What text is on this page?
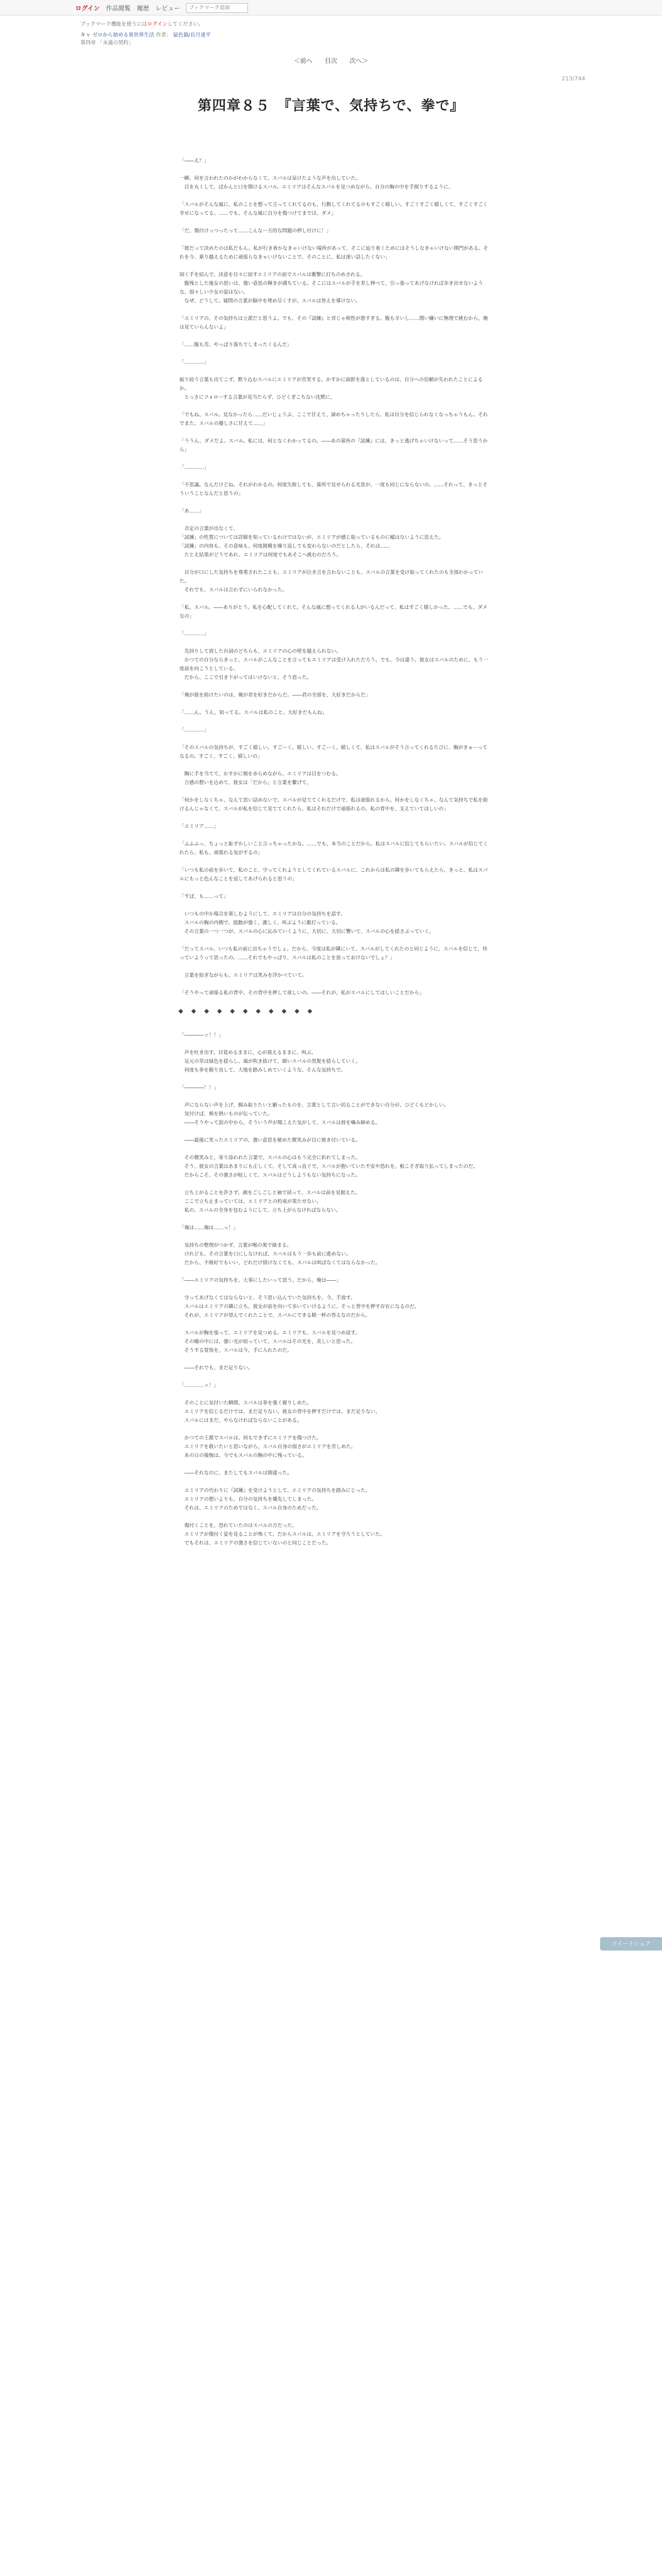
ログイン 作品閲覧 履歴 レビュー
ブックマーク追加
ブックマーク機能を使うにはログインしてください。
キャ ゼロから始める異世界生活 作者： 鼠色猫/長月達平
第四章 「永遠の契約」
＜前へ 目次 次へ＞
213/744
第四章８５　『言葉で、気持ちで、拳で』

「――え？」

一瞬、何を言われたのかがわからなくて、スバルは呆けたような声を出していた。
　目を丸くして、ぽかんと口を開けるスバル。エミリアはそんなスバルを見つめながら、自分の胸の中を手探りするように、

「スバルがそんな風に、私のことを想って言ってくれてるのも、行動してくれてるのもすごく嬉しい。すごくすごく嬉しくて、すごくすごく幸せになってる。……でも、そんな風に自分を傷つけてまでは、ダメ」

「だ、傷付けっつったって……こんなー方的な問題の押し付けに！」

「彼だって決めたのは私だもん。私が行き着かなきゃいけない場所があって、そこに辿り着くためにはそうしなきゃいけない関門がある。それを今、乗り越えるために頑張らなきゃいけないことで、そのことに、私は迷い詰したくない」

固く手を結んで、決意を目々に宿すエミリアの前でスバルは衝撃に打ちのめされる。
　腹残とした後女の思いは、強い意思の輝きが満ちている。そこにはスバルが手を差し伸べて、引っ張ってあげなければ歩き出せないような、弱々しい少女の姿はない。
　なぜ、どうして。疑問の言葉が脳中を埋め尽くすが、スバルは答えを導けない。

「エミリアの、その気持ちは立派だと思うよ。でも、その『試練』と君じゃ相性が悪すぎる。腹も辛いし……関い嫌いに無理で挑むから、俺は見ていらんないよ」

「……腹も苦。やっぱり落ちてしまったくるんだ」

「…………」

振り絞う言葉も出てこず、黙り込むスバルにエミリアが苦笑する。かすかに面影を落としているのは、自分への信頼が失われたことによるか。
　とっさにフォローする言葉が見当たらず、ひどくぎこちない沈黙に、

「でもね、スバル。見なかったら……だいじょうぶ、ここで甘えて、諦めちゃったりしたら、私は自分を信じられなくなっちゃうもん。それでまた、スバルの優しさに甘えて……」

「ううん、ダメだよ。スバル。私には、何となくわかってるの。――あの墓所の『試練』には、きっと逃げちゃいけないって……そう思うから」

「…………」

「不思議。なんだけどね、それがわかるの。何度失敗しても、墓所で見せられる光景が、一度も同じにならないの。……それって、きっとそういうことなんだと思うの」

「あ……」

　否定の言葉が出なくて、
「試練」の性質については詳細を知っているわけではないが、エミリアが感じ取っているものに嘘はないように思えた。
「試練」の内容も、その意味も、何度挑戦を繰り返しても変わらないのだとしたら、それは……
　たとえ結果がどうであれ、エミリアは何度でもあそこへ挑むのだろう。

　自分が口にした気持ちを尊重されたことも、エミリアが泣き言を言わないことも、スバルの言葉を受け取ってくれたのも全部わかっていた。
　それでも、スバルは言わずにいられなかった。

「私、スバル。――ありがとう。私を心配してくれて。そんな風に想ってくれる人がいるんだって、私はすごく嬉しかった。……でも、ダメなの」

「…………」

　先回りして放した台詞のどちらも、エミリアの心の壁を越えられない。
　かつての自分ならきっと、スバルがこんなことを言ってもエミリアは受け入れただろう。でも、今は違う。彼女はスバルのために、もう一度前を向こうとしている。
　だから、ここで引き下がってはいけないと、そう思った。

「俺が彼を助けたいのは、俺が君を好きだからだ。――君の全部を、大好きだからだ」

「……ん。うん、知ってる。スバルは私のこと、大好きだもんね」

「…………」

「そのスバルの気持ちが、すごく嬉しい。すごーく、嬉しい。すごーく、嬉しくて、私はスバルがそう言ってくれるたびに、胸がきゅーってなるの。すごく、すごく、嬉しいの」

　胸に手を当てて、かすかに頬を赤らめながら、エミリアは目をつむる。
　万感の想いを込めて、彼女は「だから」と言葉を繋げて、

「何かをしなくちゃ、なんて思い詰めないで、スバルが見ててくれるだけで、私は頑張れるから。何かをしなくちゃ、なんて気持ちで私を助けるんじゃなくて、スバルが私を信じて見ててくれたら、私はそれだけで頑張れるの。私の背中を、支えていてほしいの」

「エミリア……」

「ふふふっ、ちょっと恥ずかしいこと言っちゃったかな。……でも、本当のことだから。私はスバルに信じてもらいたい。スバルが信じてくれたら、私も、頑張れる気がするの」

「いつも私の前を歩いて、私のこと、守ってくれようとしてくれているスバルに、これからは私の隣を歩いてもらえたら、きっと、私はスバルにもっと色んなことを返してあげられると思うの」

「すば、も……って」

　いつもの中か場合を楽しむようにして、エミリアは自分の気持ちを話す。
　スバルの胸の内側で、鼓動が強く、激しく、叫ぶように脈打っている。
　その言葉の一つ一つが、スバルの心に沁みていくように、大切に、大切に響いて、スバルの心を揺さぶっていく。

「だってスバル、いつも私の前に出ちゃうでしょ。だから、今度は私が隣にいて、スバルがしてくれたのと同じように、スバルを信じて、待っていようって思ったの。……それでもやっぱり、スバルは私のことを放っておけないでしょ？」

　言葉を紡ぎながらも、エミリアは笑みを浮かべていて。

「そうやって頑張る私の背中、その背中を押して欲しいの。――それが、私がスバルにしてほしいことだから」

◆ ◆ ◆ ◆ ◆ ◆ ◆ ◆ ◆ ◆ ◆

「――――ッ！！」

　声を吐き出す。目覚めるままに、心が震えるままに、叫ぶ。
　足元の草は緑色を揺らし、風が吹き抜けて、細いスバルの黒髪を揺らしていく。
　何度も拳を握り直して、大地を踏みしめていくような、そんな気持ちで。

「――――！！」

　声にならない声を上げ、掴み取りたいと願ったものを、言葉として言い切ることができない自分が、ひどくもどかしい。
　気付けば、頬を熱いものが伝っていた。
　――そうやって涙の中から、そういう声が聞こえた気がして、スバルは唇を噛み締める。

　――最後に笑ったエミリアの、強い意思を秘めた微笑みが目に焼き付いている。

　その微笑みと、寄り添われた言葉で、スバルの心はもう完全に折れてしまった。
　そう、彼女の言葉はあまりにも正しくて、そして真っ直ぐで、スバルが抱いていた不安や恐れを、根こそぎ取り払ってしまったのだ。
　だからこそ、その強さが眩しくて、スバルはどうしようもない気持ちになった。

　立ち上がることを許さず、顔をごしごしと袖で拭って、スバルは前を見据えた。
　ここで立ち止まっていては、エミリアとの約束が果たせない。
　私の、スバルの全身を包むようにして、立ち上がらなければならない。

「俺は……俺は……っ！」

　気持ちの整理がつかず、言葉が喉の奥で絡まる。
　けれども、その言葉を口にしなければ、スバルはもう一歩も前に進めない。
　だから、不格好でもいい、どれだけ情けなくても、スバルは叫ばなくてはならなかった。

「――エミリアの気持ちを、大事にしたいって思う。だから、俺は――」

　守ってあげなくてはならないと、そう思い込んでいた気持ちを、今、手放す。
　スバルはエミリアの隣に立ち、彼女が前を向いて歩いていけるように、そっと背中を押す存在になるのだ。
　それが、エミリアが望んでくれたことで、スバルにできる精一杯の答えなのだから。

　スバルが胸を張って、エミリアを見つめる。エミリアも、スバルを見つめ返す。
　その瞳の中には、強い光が宿っていて、スバルはその光を、美しいと思った。
　そうする覚悟を、スバルは今、手に入れたのだ。

　――それでも、まだ足りない。

「…………ッ！」

　そのことに気付いた瞬間、スバルは拳を強く握りしめた。
　エミリアを信じるだけでは、まだ足りない。彼女の背中を押すだけでは、まだ足りない。
　スバルにはまだ、やらなければならないことがある。

　かつての王都でスバルは、何もできずにエミリアを傷つけた。
　エミリアを救いたいと思いながら、スバル自身の弱さがエミリアを苦しめた。
　あの日の後悔は、今でもスバルの胸の中に残っている。

　――それなのに、またしてもスバルは間違った。

　エミリアの代わりに『試練』を受けようとして、エミリアの気持ちを踏みにじった。
　エミリアの想いよりも、自分の気持ちを優先してしまった。
　それは、エミリアのためではなく、スバル自身のためだった。

　傷付くことを、恐れていたのはスバルの方だった。
　エミリアが傷付く姿を見ることが怖くて、だからスバルは、エミリアを守ろうとしていた。
　でもそれは、エミリアの強さを信じていないのと同じことだった。

ツイートシェア
